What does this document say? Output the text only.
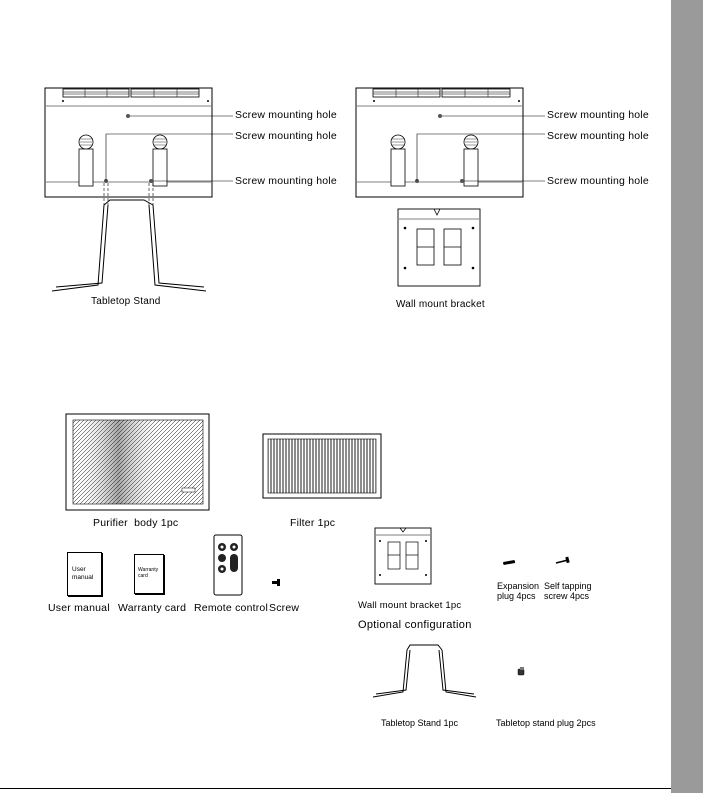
Screw mounting hole
Screw mounting hole
Screw mounting hole
Tabletop Stand
Screw mounting hole
Screw mounting hole
Screw mounting hole
Wall mount bracket
Purifier  body 1pc	Filter 1pc
User
manual
User manual
Warranty
card
Warranty card Remote control Screw	Wall mount bracket 1pc
Optional configuration
Expansion
plug 4pcs
Self tapping
screw 4pcs
Tabletop Stand 1pc	Tabletop stand plug 2pcs
